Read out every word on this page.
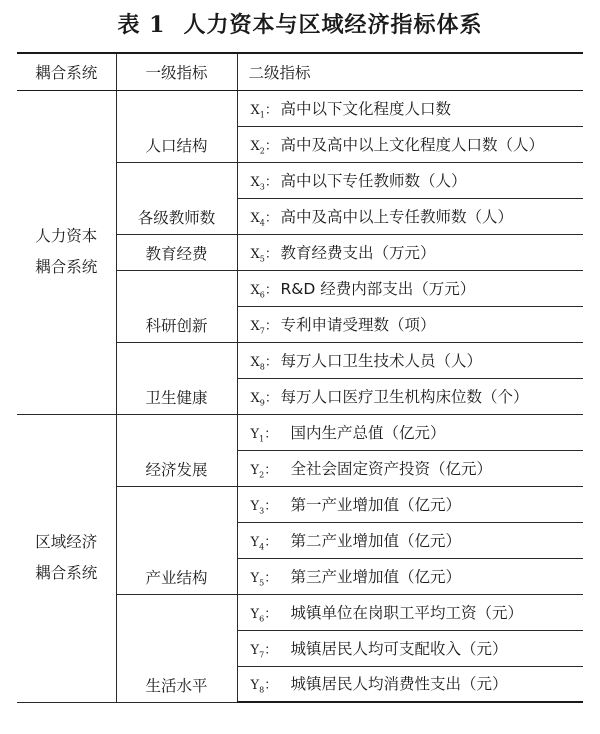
表 1 人力资本与区域经济指标体系
耦合系统	一级指标	二级指标
人力资本
耦合系统	人口结构	$X_1$： 高中以下文化程度人口数
		$X_2$： 高中及高中以上文化程度人口数（人）
	各级教师数	$X_3$： 高中以下专任教师数（人）
		$X_4$： 高中及高中以上专任教师数（人）
	教育经费	$X_5$： 教育经费支出（万元）
	科研创新	$X_6$： R&D 经费内部支出（万元）
		$X_7$： 专利申请受理数（项）
	卫生健康	$X_8$： 每万人口卫生技术人员（人）
		$X_9$： 每万人口医疗卫生机构床位数（个）
区域经济
耦合系统	经济发展	$Y_1$： 国内生产总值（亿元）
		$Y_2$： 全社会固定资产投资（亿元）
	产业结构	$Y_3$： 第一产业增加值（亿元）
		$Y_4$： 第二产业增加值（亿元）
		$Y_5$： 第三产业增加值（亿元）
	生活水平	$Y_6$： 城镇单位在岗职工平均工资（元）
		$Y_7$： 城镇居民人均可支配收入（元）
		$Y_8$： 城镇居民人均消费性支出（元）
